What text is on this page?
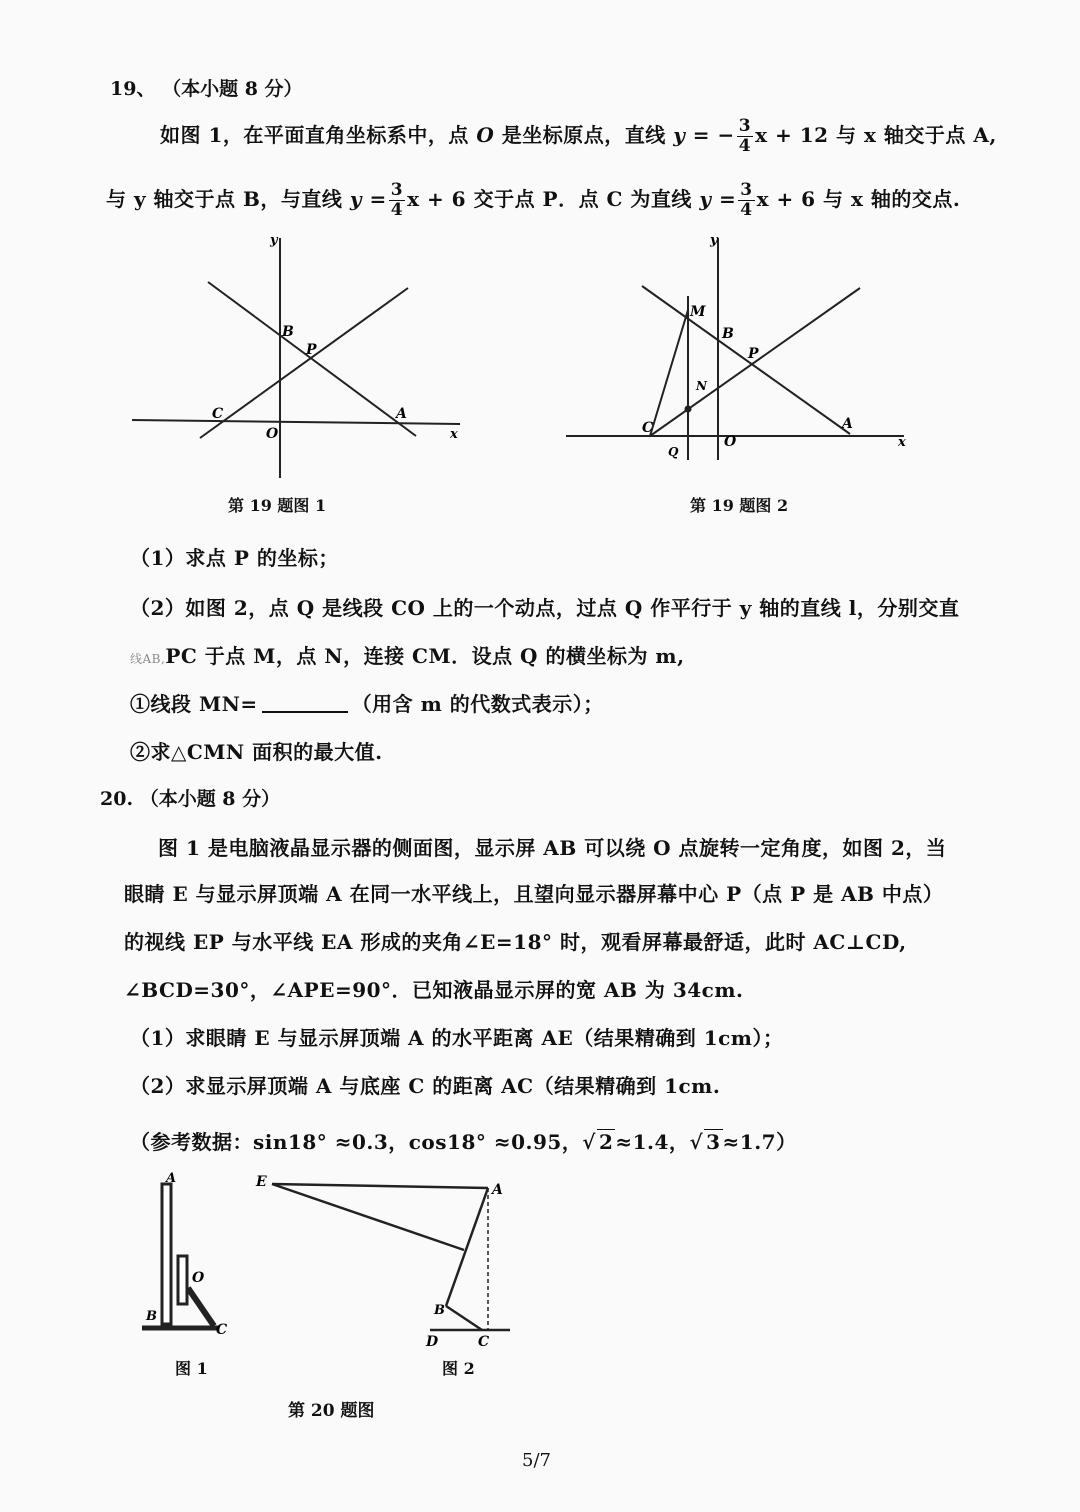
19、 （本小题 8 分）
如图 1，在平面直角坐标系中，点 O 是坐标原点，直线 y = − $\frac{3}{4}$ x + 12 与 x 轴交于点 A,
与 y 轴交于点 B，与直线 $y = \frac{3}{4}$ x + 6 交于点 P．点 C 为直线 $y = \frac{3}{4}$ x + 6 与 x 轴的交点.
y
x
O
A
B
C
P
第 19 题图 1
y
x
O
A
B
C
P
M
N
Q
第 19 题图 2
（1）求点 P 的坐标；
（2）如图 2，点 Q 是线段 CO 上的一个动点，过点 Q 作平行于 y 轴的直线 l，分别交直
线AB,PC 于点 M，点 N，连接 CM．设点 Q 的横坐标为 m,
①线段 MN=	（用含 m 的代数式表示）；
②求△CMN 面积的最大值.
20. （本小题 8 分）
图 1 是电脑液晶显示器的侧面图，显示屏 AB 可以绕 O 点旋转一定角度，如图 2，当
眼睛 E 与显示屏顶端 A 在同一水平线上，且望向显示器屏幕中心 P（点 P 是 AB 中点）
的视线 EP 与水平线 EA 形成的夹角∠E=18° 时，观看屏幕最舒适，此时 AC⊥CD,
∠BCD=30°，∠APE=90°．已知液晶显示屏的宽 AB 为 34cm.
（1）求眼睛 E 与显示屏顶端 A 的水平距离 AE（结果精确到 1cm）；
（2）求显示屏顶端 A 与底座 C 的距离 AC（结果精确到 1cm.
（参考数据：sin18° ≈0.3，cos18° ≈0.95，√ 2 ≈1.4，√ 3 ≈1.7）
A
O
B
C
图 1
E	A
B
D	C
图 2
第 20 题图
5/7
